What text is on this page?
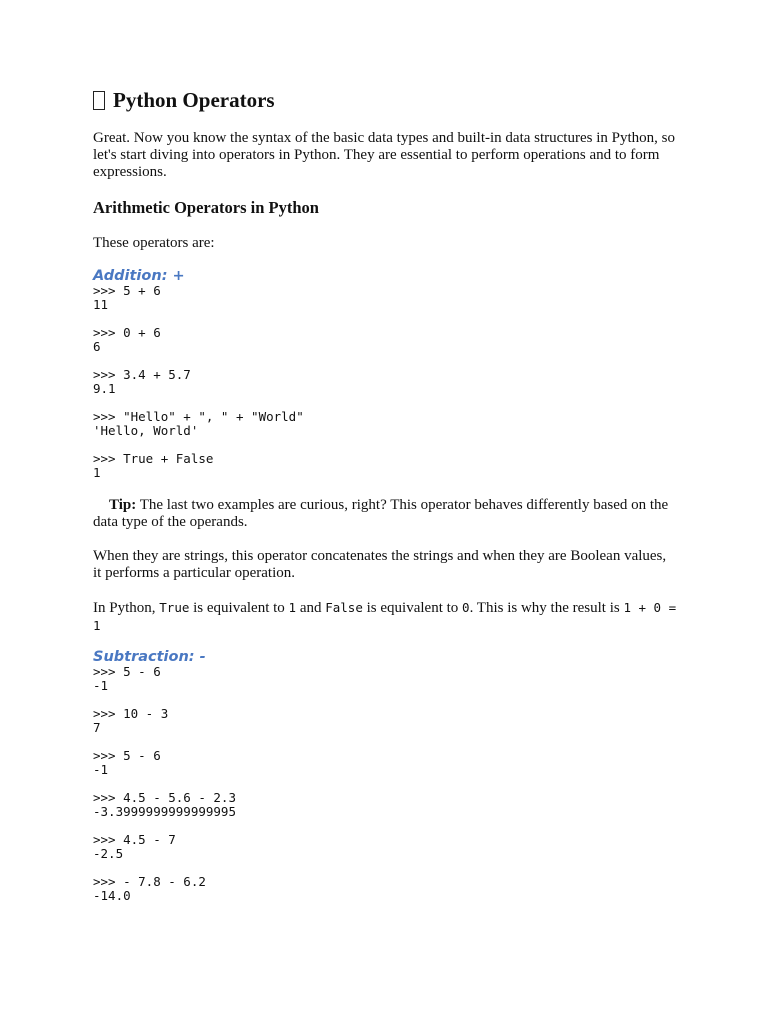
Python Operators

Great. Now you know the syntax of the basic data types and built-in data structures in Python, so let's start diving into operators in Python. They are essential to perform operations and to form expressions.

Arithmetic Operators in Python

These operators are:

Addition: +
>>> 5 + 6
11
>>> 0 + 6
6
>>> 3.4 + 5.7
9.1
>>> "Hello" + ", " + "World"
'Hello, World'
>>> True + False
1

Tip: The last two examples are curious, right? This operator behaves differently based on the data type of the operands.

When they are strings, this operator concatenates the strings and when they are Boolean values, it performs a particular operation.

In Python, True is equivalent to 1 and False is equivalent to 0. This is why the result is 1 + 0 = 1

Subtraction: -
>>> 5 - 6
-1
>>> 10 - 3
7
>>> 5 - 6
-1
>>> 4.5 - 5.6 - 2.3
-3.3999999999999995
>>> 4.5 - 7
-2.5
>>> - 7.8 - 6.2
-14.0
